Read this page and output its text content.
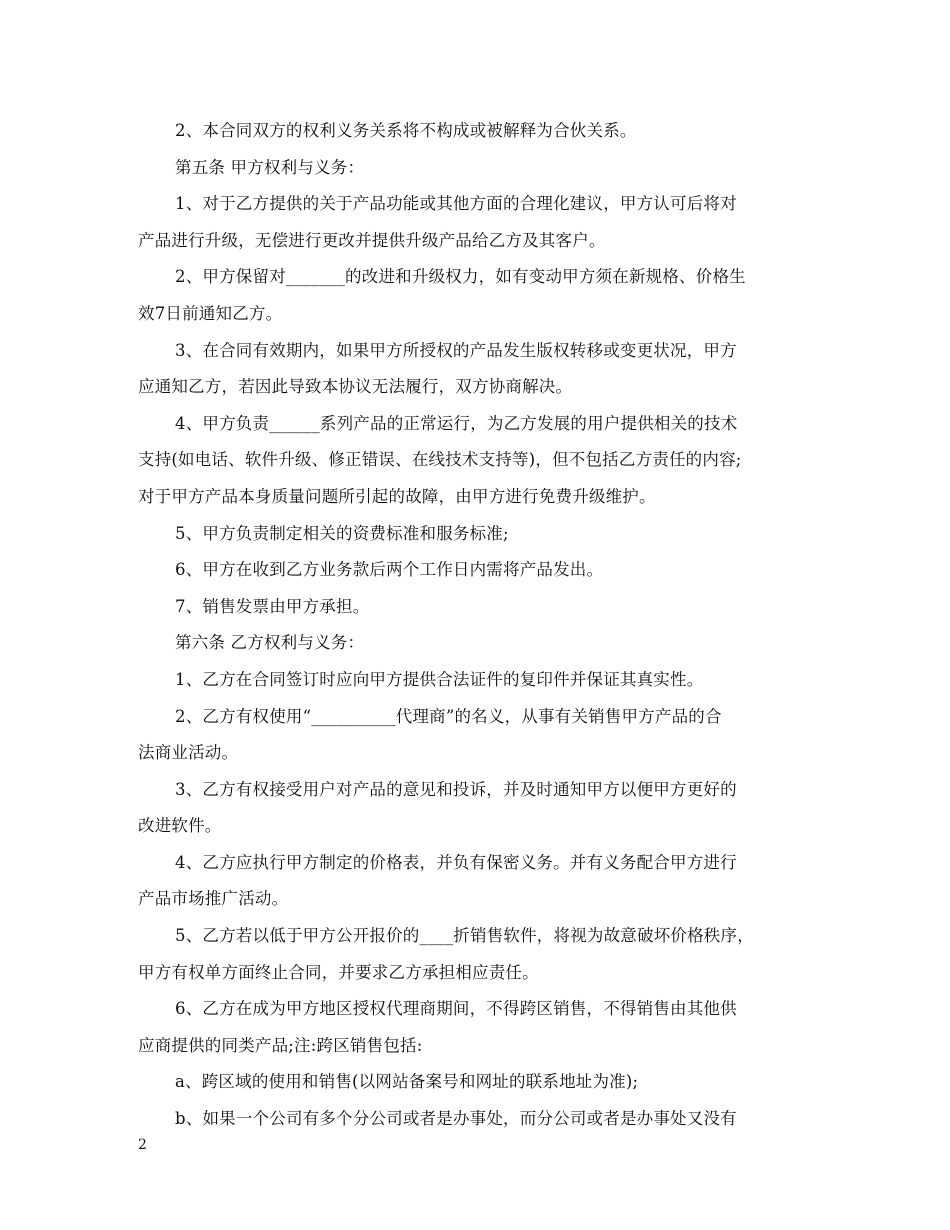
2、本合同双方的权利义务关系将不构成或被解释为合伙关系。
第五条 甲方权利与义务：
1、对于乙方提供的关于产品功能或其他方面的合理化建议，甲方认可后将对
产品进行升级，无偿进行更改并提供升级产品给乙方及其客户。
2、甲方保留对_______的改进和升级权力，如有变动甲方须在新规格、价格生
效7日前通知乙方。
3、在合同有效期内，如果甲方所授权的产品发生版权转移或变更状况，甲方
应通知乙方，若因此导致本协议无法履行，双方协商解决。
4、甲方负责______系列产品的正常运行，为乙方发展的用户提供相关的技术
支持(如电话、软件升级、修正错误、在线技术支持等)，但不包括乙方责任的内容;
对于甲方产品本身质量问题所引起的故障，由甲方进行免费升级维护。
5、甲方负责制定相关的资费标准和服务标准;
6、甲方在收到乙方业务款后两个工作日内需将产品发出。
7、销售发票由甲方承担。
第六条 乙方权利与义务：
1、乙方在合同签订时应向甲方提供合法证件的复印件并保证其真实性。
2、乙方有权使用“__________代理商”的名义，从事有关销售甲方产品的合
法商业活动。
3、乙方有权接受用户对产品的意见和投诉，并及时通知甲方以便甲方更好的
改进软件。
4、乙方应执行甲方制定的价格表，并负有保密义务。并有义务配合甲方进行
产品市场推广活动。
5、乙方若以低于甲方公开报价的____折销售软件，将视为故意破坏价格秩序，
甲方有权单方面终止合同，并要求乙方承担相应责任。
6、乙方在成为甲方地区授权代理商期间，不得跨区销售，不得销售由其他供
应商提供的同类产品;注:跨区销售包括:
a、跨区域的使用和销售(以网站备案号和网址的联系地址为准);
b、如果一个公司有多个分公司或者是办事处，而分公司或者是办事处又没有
2
